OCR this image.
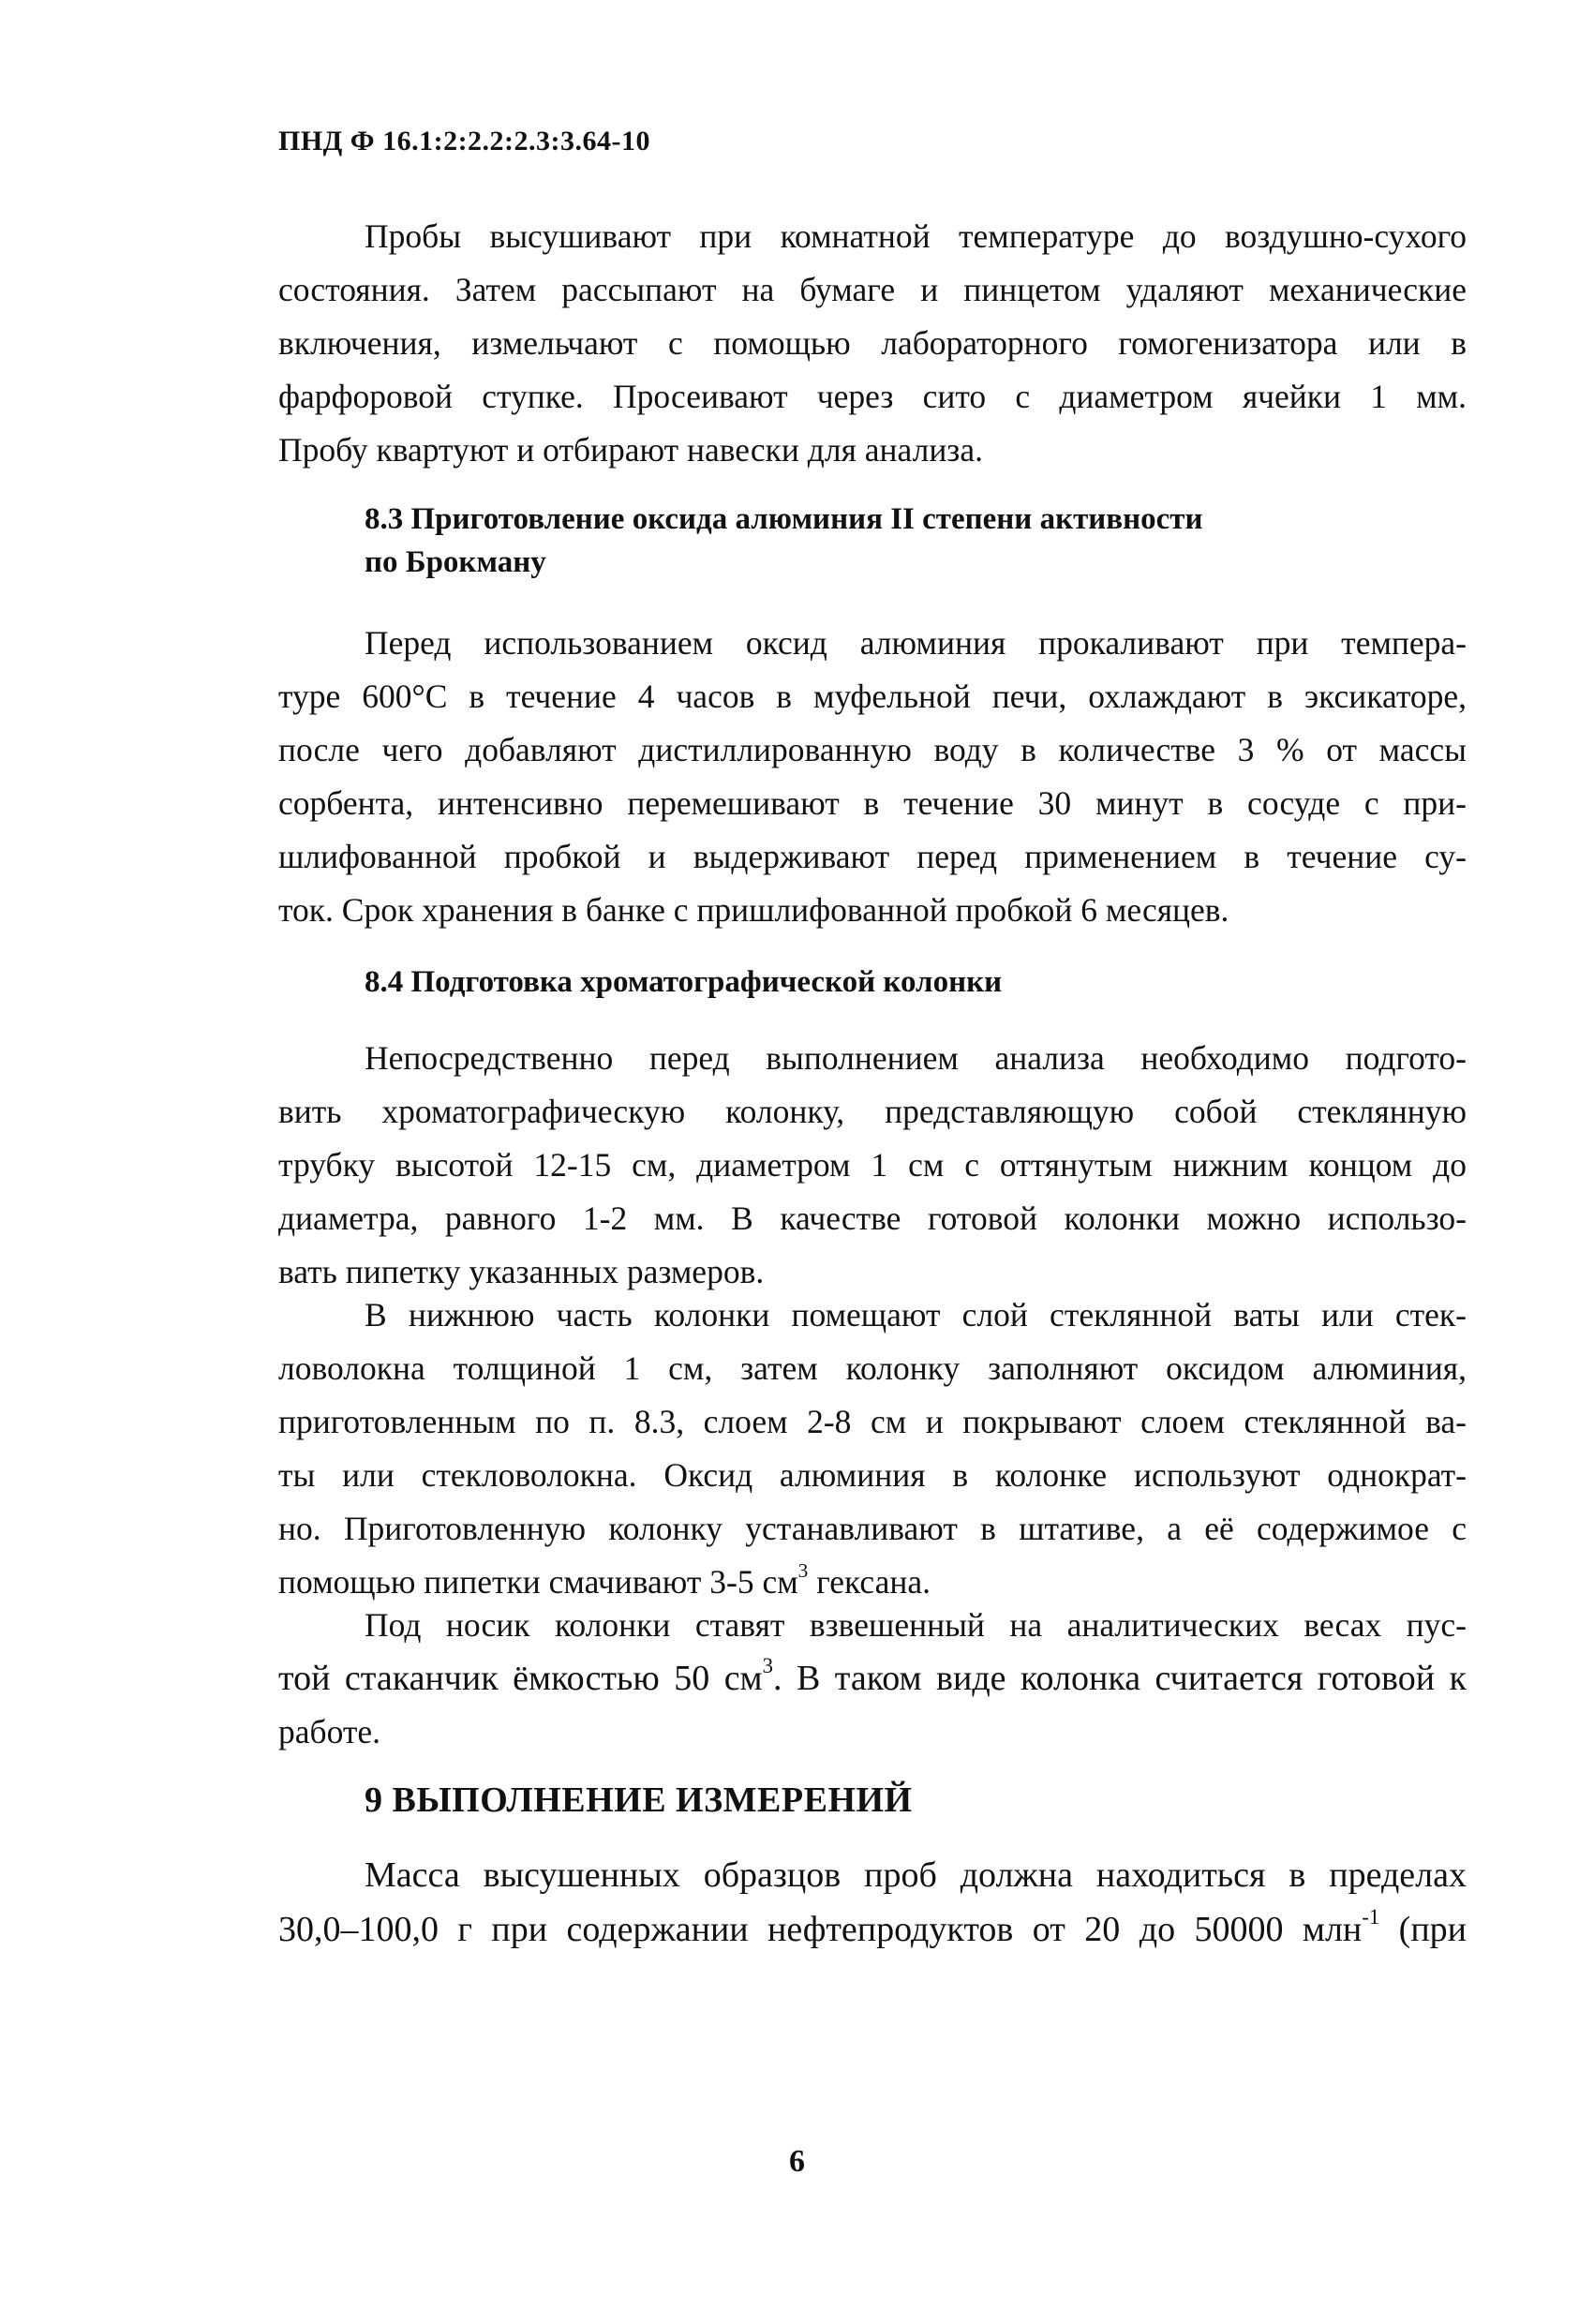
ПНД Ф 16.1:2:2.2:2.3:3.64-10
Пробы высушивают при комнатной температуре до воздушно-сухого
состояния. Затем рассыпают на бумаге и пинцетом удаляют механические
включения, измельчают с помощью лабораторного гомогенизатора или в
фарфоровой ступке. Просеивают через сито с диаметром ячейки 1 мм.
Пробу квартуют и отбирают навески для анализа.
8.3 Приготовление оксида алюминия II степени активности
по Брокману
Перед использованием оксид алюминия прокаливают при темпера-
туре 600°С в течение 4 часов в муфельной печи, охлаждают в эксикаторе,
после чего добавляют дистиллированную воду в количестве 3 % от массы
сорбента, интенсивно перемешивают в течение 30 минут в сосуде с при-
шлифованной пробкой и выдерживают перед применением в течение су-
ток. Срок хранения в банке с пришлифованной пробкой 6 месяцев.
8.4 Подготовка хроматографической колонки
Непосредственно перед выполнением анализа необходимо подгото-
вить хроматографическую колонку, представляющую собой стеклянную
трубку высотой 12-15 см, диаметром 1 см с оттянутым нижним концом до
диаметра, равного 1-2 мм. В качестве готовой колонки можно использо-
вать пипетку указанных размеров.
В нижнюю часть колонки помещают слой стеклянной ваты или стек-
ловолокна толщиной 1 см, затем колонку заполняют оксидом алюминия,
приготовленным по п. 8.3, слоем 2-8 см и покрывают слоем стеклянной ва-
ты или стекловолокна. Оксид алюминия в колонке используют однократ-
но. Приготовленную колонку устанавливают в штативе, а её содержимое с
помощью пипетки смачивают 3-5 $см^3$ гексана.
Под носик колонки ставят взвешенный на аналитических весах пус-
той стаканчик ёмкостью 50 $см^3$. В таком виде колонка считается готовой к
работе.
9 ВЫПОЛНЕНИЕ ИЗМЕРЕНИЙ
Масса высушенных образцов проб должна находиться в пределах
30,0–100,0 г при содержании нефтепродуктов от 20 до 50000 млн$^{-1}$ (при
6
